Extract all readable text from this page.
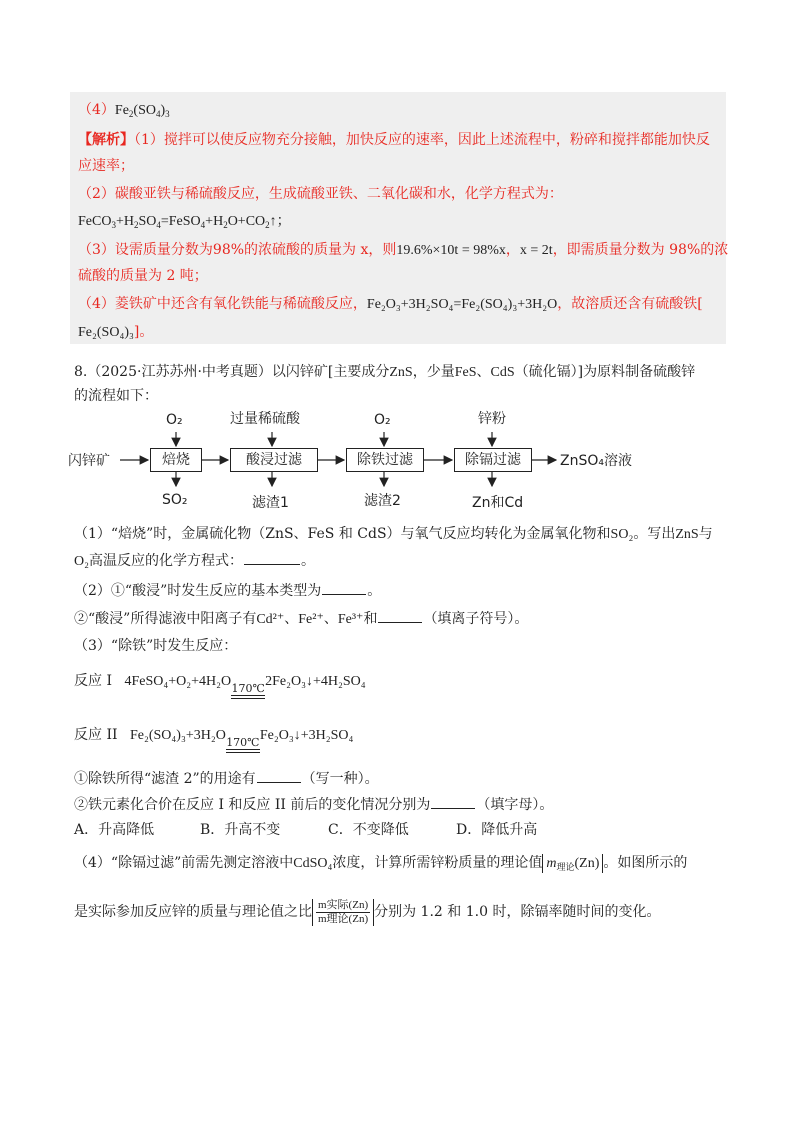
$(4)Fe_2(SO_4)_3$
【解析】（1）搅拌可以使反应物充分接触，加快反应的速率，因此上述流程中，粉碎和搅拌都能加快反
应速率；
（2）碳酸亚铁与稀硫酸反应，生成硫酸亚铁、二氧化碳和水，化学方程式为：
$FeCO_3+H_2SO_4=FeSO_4+H_2O+CO_2↑$；
（3）设需质量分数为98%的浓硫酸的质量为 x，则19.6%×10t = 98%x，x = 2t，即需质量分数为 98%的浓
硫酸的质量为 2 吨；
（4）菱铁矿中还含有氧化铁能与稀硫酸反应，Fe₂O₃+3H₂SO₄=Fe₂(SO₄)₃+3H₂O，故溶质还含有硫酸铁[
Fe₂(SO₄)₃]。
8.（2025·江苏苏州·中考真题）以闪锌矿[主要成分ZnS，少量FeS、CdS（硫化镉）]为原料制备硫酸锌
的流程如下：
闪锌矿	焙烧	酸浸过滤	除铁过滤	除镉过滤
O₂	过量稀硫酸	O₂	锌粉
SO₂	滤渣1	滤渣2	Zn和Cd
ZnSO₄溶液
（1）“焙烧”时，金属硫化物（ZnS、FeS 和 CdS）与氧气反应均转化为金属氧化物和SO₂。写出ZnS与
O₂高温反应的化学方程式：	。
（2）①“酸浸”时发生反应的基本类型为	。
②“酸浸”所得滤液中阳离子有Cd²⁺、Fe²⁺、Fe³⁺和	（填离子符号）。
（3）“除铁”时发生反应：
反应 I 4FeSO₄+O₂+4H₂O 170℃ 2Fe₂O₃↓+4H₂SO₄
反应 II Fe₂(SO₄)₃+3H₂O 170℃ Fe₂O₃↓+3H₂SO₄
①除铁所得“滤渣 2”的用途有	（写一种）。
②铁元素化合价在反应 I 和反应 II 前后的变化情况分别为	（填字母）。
A．升高降低	B．升高不变	C．不变降低	D．降低升高
（4）“除镉过滤”前需先测定溶液中CdSO₄浓度，计算所需锌粉质量的理论值 $m_{理论}(Zn)$ 。如图所示的
是实际参加反应锌的质量与理论值之比 $\frac{\text{m实际(Zn)}}{\text{m理论(Zn)}}$ 分别为 1.2 和 1.0 时，除镉率随时间的变化。
